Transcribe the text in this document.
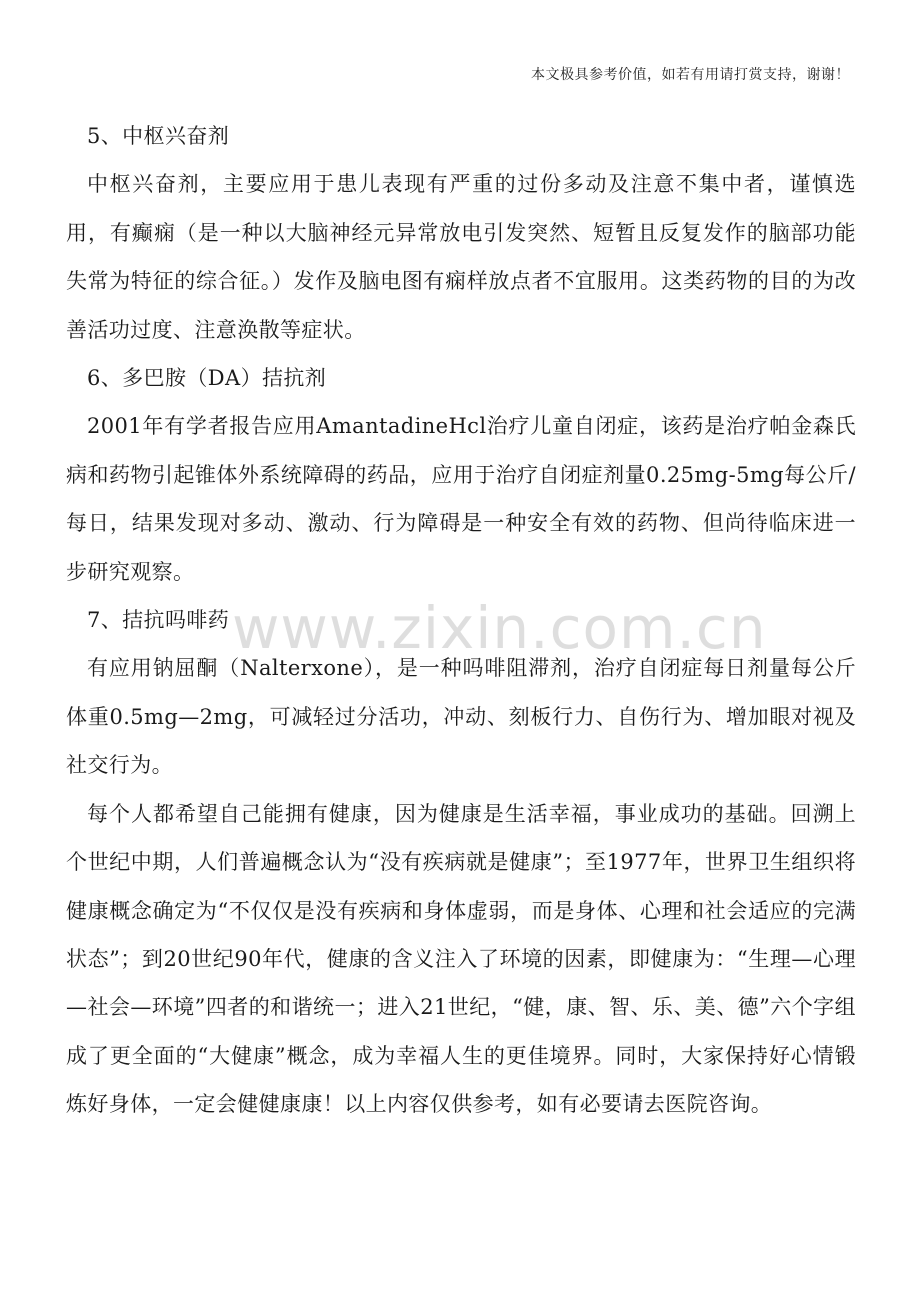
本文极具参考价值，如若有用请打赏支持，谢谢！

5、中枢兴奋剂

中枢兴奋剂，主要应用于患儿表现有严重的过份多动及注意不集中者，谨慎选用，有癫痫（是一种以大脑神经元异常放电引发突然、短暂且反复发作的脑部功能失常为特征的综合征。）发作及脑电图有痫样放点者不宜服用。这类药物的目的为改善活功过度、注意涣散等症状。

6、多巴胺（DA）拮抗剂

2001年有学者报告应用AmantadineHcl治疗儿童自闭症，该药是治疗帕金森氏病和药物引起锥体外系统障碍的药品，应用于治疗自闭症剂量0.25mg-5mg每公斤/每日，结果发现对多动、激动、行为障碍是一种安全有效的药物、但尚待临床进一步研究观察。

7、拮抗吗啡药

有应用钠屈酮（Nalterxone），是一种吗啡阻滞剂，治疗自闭症每日剂量每公斤体重0.5mg—2mg，可减轻过分活功，冲动、刻板行力、自伤行为、增加眼对视及社交行为。

每个人都希望自己能拥有健康，因为健康是生活幸福，事业成功的基础。回溯上个世纪中期，人们普遍概念认为“没有疾病就是健康”；至1977年，世界卫生组织将健康概念确定为“不仅仅是没有疾病和身体虚弱，而是身体、心理和社会适应的完满状态”；到20世纪90年代，健康的含义注入了环境的因素，即健康为：“生理—心理—社会—环境”四者的和谐统一；进入21世纪，“健，康、智、乐、美、德”六个字组成了更全面的“大健康”概念，成为幸福人生的更佳境界。同时，大家保持好心情锻炼好身体，一定会健健康康！以上内容仅供参考，如有必要请去医院咨询。

www.zixin.com.cn
